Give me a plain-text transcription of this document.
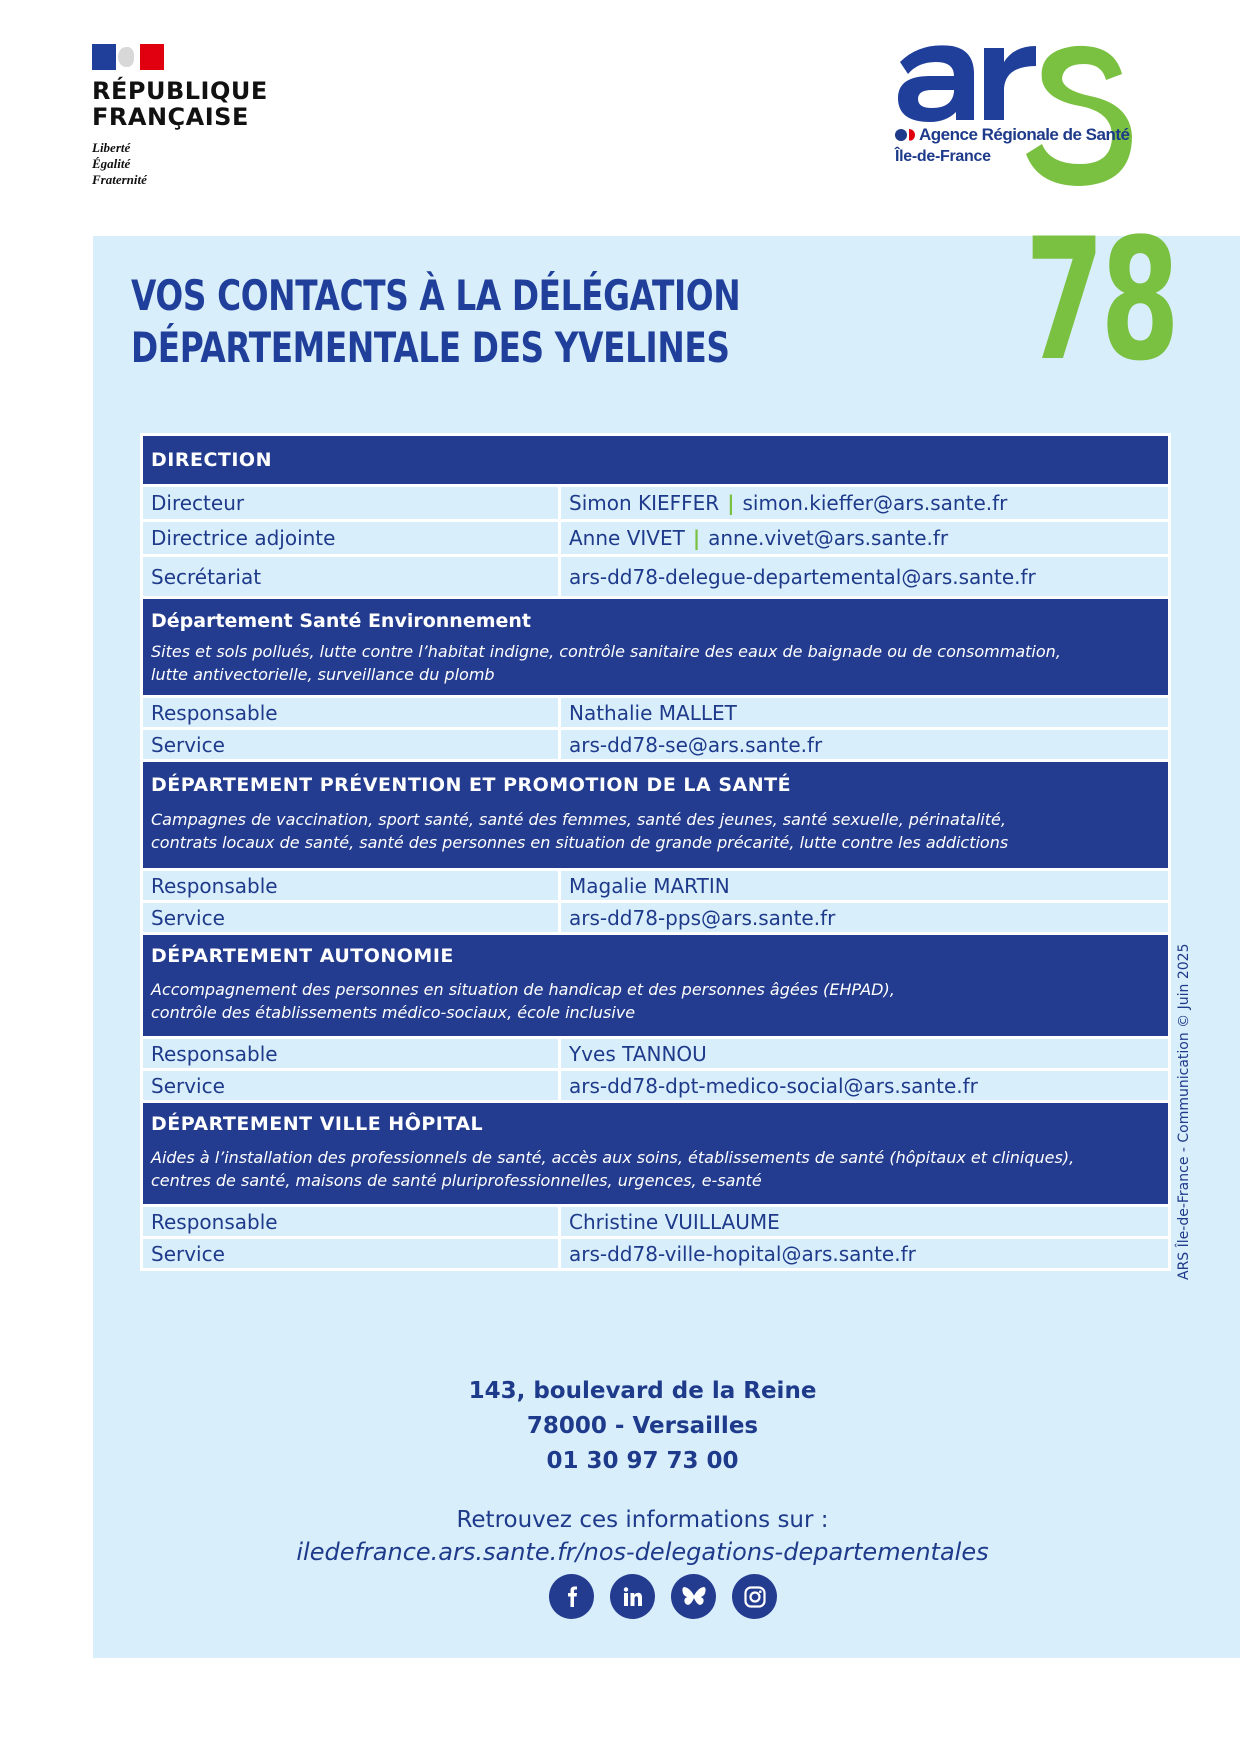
RÉPUBLIQUE
FRANÇAISE
Liberté
Égalité
Fraternité
Agence Régionale de Santé
Île-de-France
VOS CONTACTS À LA DÉLÉGATION
DÉPARTEMENTALE DES YVELINES 78
DIRECTION
Directeur	Simon KIEFFER | simon.kieffer@ars.sante.fr
Directrice adjointe	Anne VIVET | anne.vivet@ars.sante.fr
Secrétariat	ars-dd78-delegue-departemental@ars.sante.fr
Département Santé Environnement
Sites et sols pollués, lutte contre l’habitat indigne, contrôle sanitaire des eaux de baignade ou de consommation,
lutte antivectorielle, surveillance du plomb
Responsable	Nathalie MALLET
Service	ars-dd78-se@ars.sante.fr
DÉPARTEMENT PRÉVENTION ET PROMOTION DE LA SANTÉ
Campagnes de vaccination, sport santé, santé des femmes, santé des jeunes, santé sexuelle, périnatalité,
contrats locaux de santé, santé des personnes en situation de grande précarité, lutte contre les addictions
Responsable	Magalie MARTIN
Service	ars-dd78-pps@ars.sante.fr
DÉPARTEMENT AUTONOMIE
Accompagnement des personnes en situation de handicap et des personnes âgées (EHPAD),
contrôle des établissements médico-sociaux, école inclusive
Responsable	Yves TANNOU
Service	ars-dd78-dpt-medico-social@ars.sante.fr
DÉPARTEMENT VILLE HÔPITAL
Aides à l’installation des professionnels de santé, accès aux soins, établissements de santé (hôpitaux et cliniques),
centres de santé, maisons de santé pluriprofessionnelles, urgences, e-santé
Responsable	Christine VUILLAUME
Service	ars-dd78-ville-hopital@ars.sante.fr	ARS Île-de-France - Communication © Juin 2025
143, boulevard de la Reine
78000 - Versailles
01 30 97 73 00
Retrouvez ces informations sur :
iledefrance.ars.sante.fr/nos-delegations-departementales
